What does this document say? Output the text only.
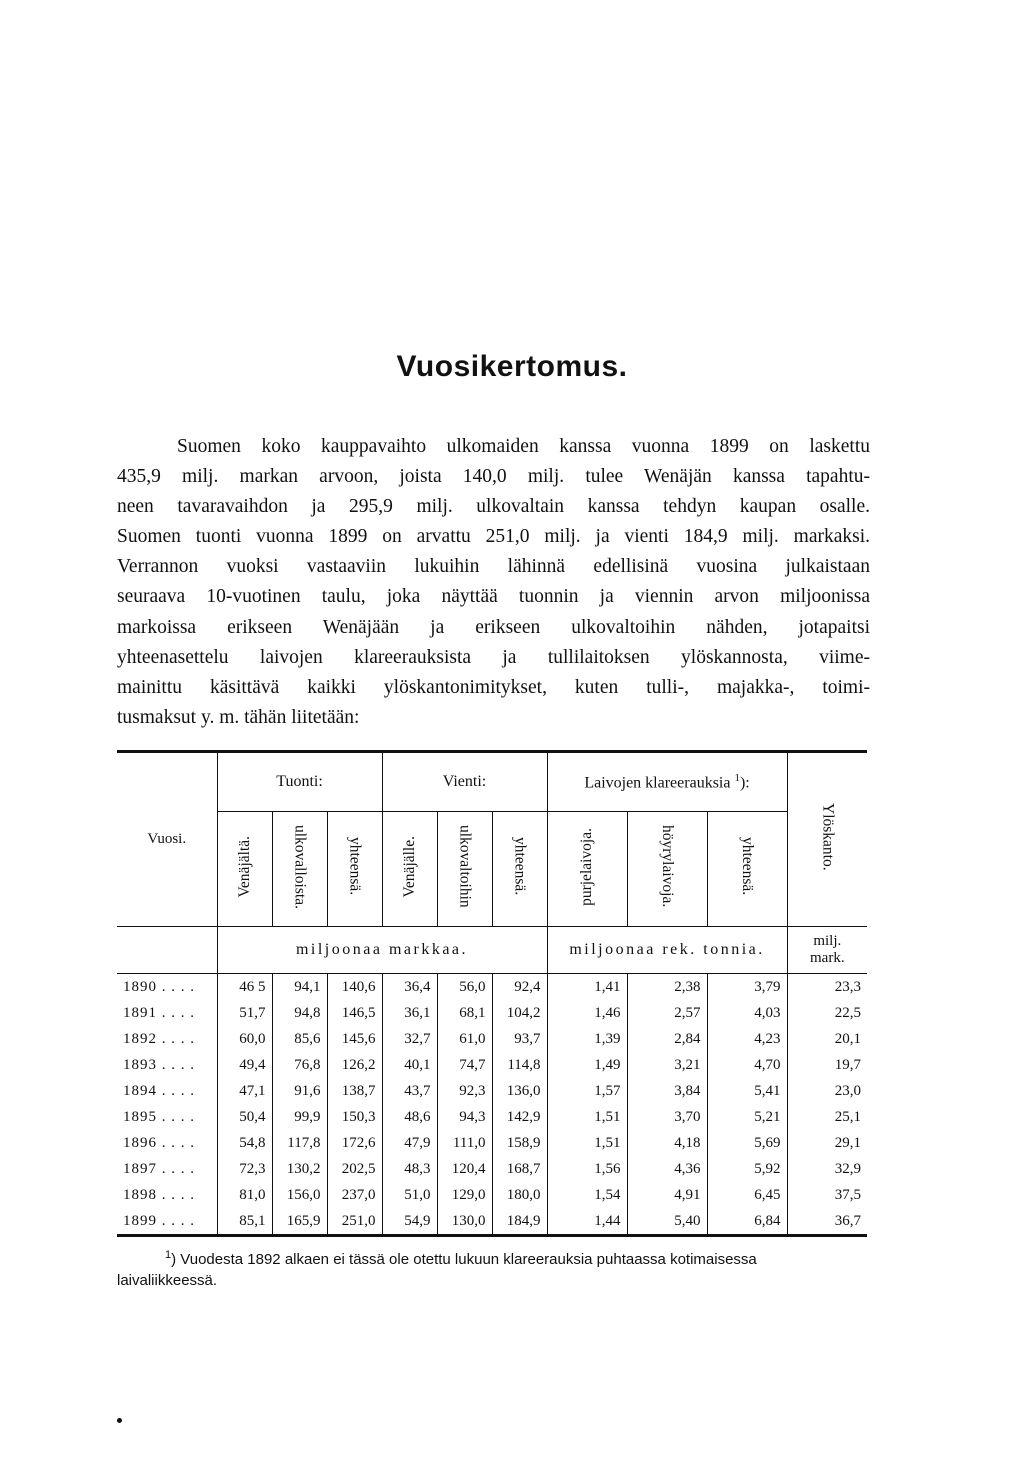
Vuosikertomus.
Suomen koko kauppavaihto ulkomaiden kanssa vuonna 1899 on laskettu
435,9 milj. markan arvoon, joista 140,0 milj. tulee Wenäjän kanssa tapahtu-
neen tavaravaihdon ja 295,9 milj. ulkovaltain kanssa tehdyn kaupan osalle.
Suomen tuonti vuonna 1899 on arvattu 251,0 milj. ja vienti 184,9 milj. markaksi.
Verrannon vuoksi vastaaviin lukuihin lähinnä edellisinä vuosina julkaistaan
seuraava 10-vuotinen taulu, joka näyttää tuonnin ja viennin arvon miljoonissa
markoissa erikseen Wenäjään ja erikseen ulkovaltoihin nähden, jotapaitsi
yhteenasettelu laivojen klareerauksista ja tullilaitoksen ylöskannosta, viime-
mainittu käsittävä kaikki ylöskantonimitykset, kuten tulli-, majakka-, toimi-
tusmaksut y. m. tähän liitetään:
Vuosi.	Tuonti:			Vienti:			Laivojen klareerauksia $^1$):			Ylöskanto.
	Venäjältä.	ulkovalloista.	yhteensä.	Venäjälle.	ulkovaltoihin	yhteensä.	purjelaivoja.	höyrylaivoja.	yhteensä.	
	miljoonaa markkaa.						miljoonaa rek. tonnia.			milj.
mark.
1890 . . . .	46 5	94,1	140,6	36,4	56,0	92,4	1,41	2,38	3,79	23,3
1891 . . . .	51,7	94,8	146,5	36,1	68,1	104,2	1,46	2,57	4,03	22,5
1892 . . . .	60,0	85,6	145,6	32,7	61,0	93,7	1,39	2,84	4,23	20,1
1893 . . . .	49,4	76,8	126,2	40,1	74,7	114,8	1,49	3,21	4,70	19,7
1894 . . . .	47,1	91,6	138,7	43,7	92,3	136,0	1,57	3,84	5,41	23,0
1895 . . . .	50,4	99,9	150,3	48,6	94,3	142,9	1,51	3,70	5,21	25,1
1896 . . . .	54,8	117,8	172,6	47,9	111,0	158,9	1,51	4,18	5,69	29,1
1897 . . . .	72,3	130,2	202,5	48,3	120,4	168,7	1,56	4,36	5,92	32,9
1898 . . . .	81,0	156,0	237,0	51,0	129,0	180,0	1,54	4,91	6,45	37,5
1899 . . . .	85,1	165,9	251,0	54,9	130,0	184,9	1,44	5,40	6,84	36,7
$^1$) Vuodesta 1892 alkaen ei tässä ole otettu lukuun klareerauksia puhtaassa kotimaisessa
laivaliikkeessä.
